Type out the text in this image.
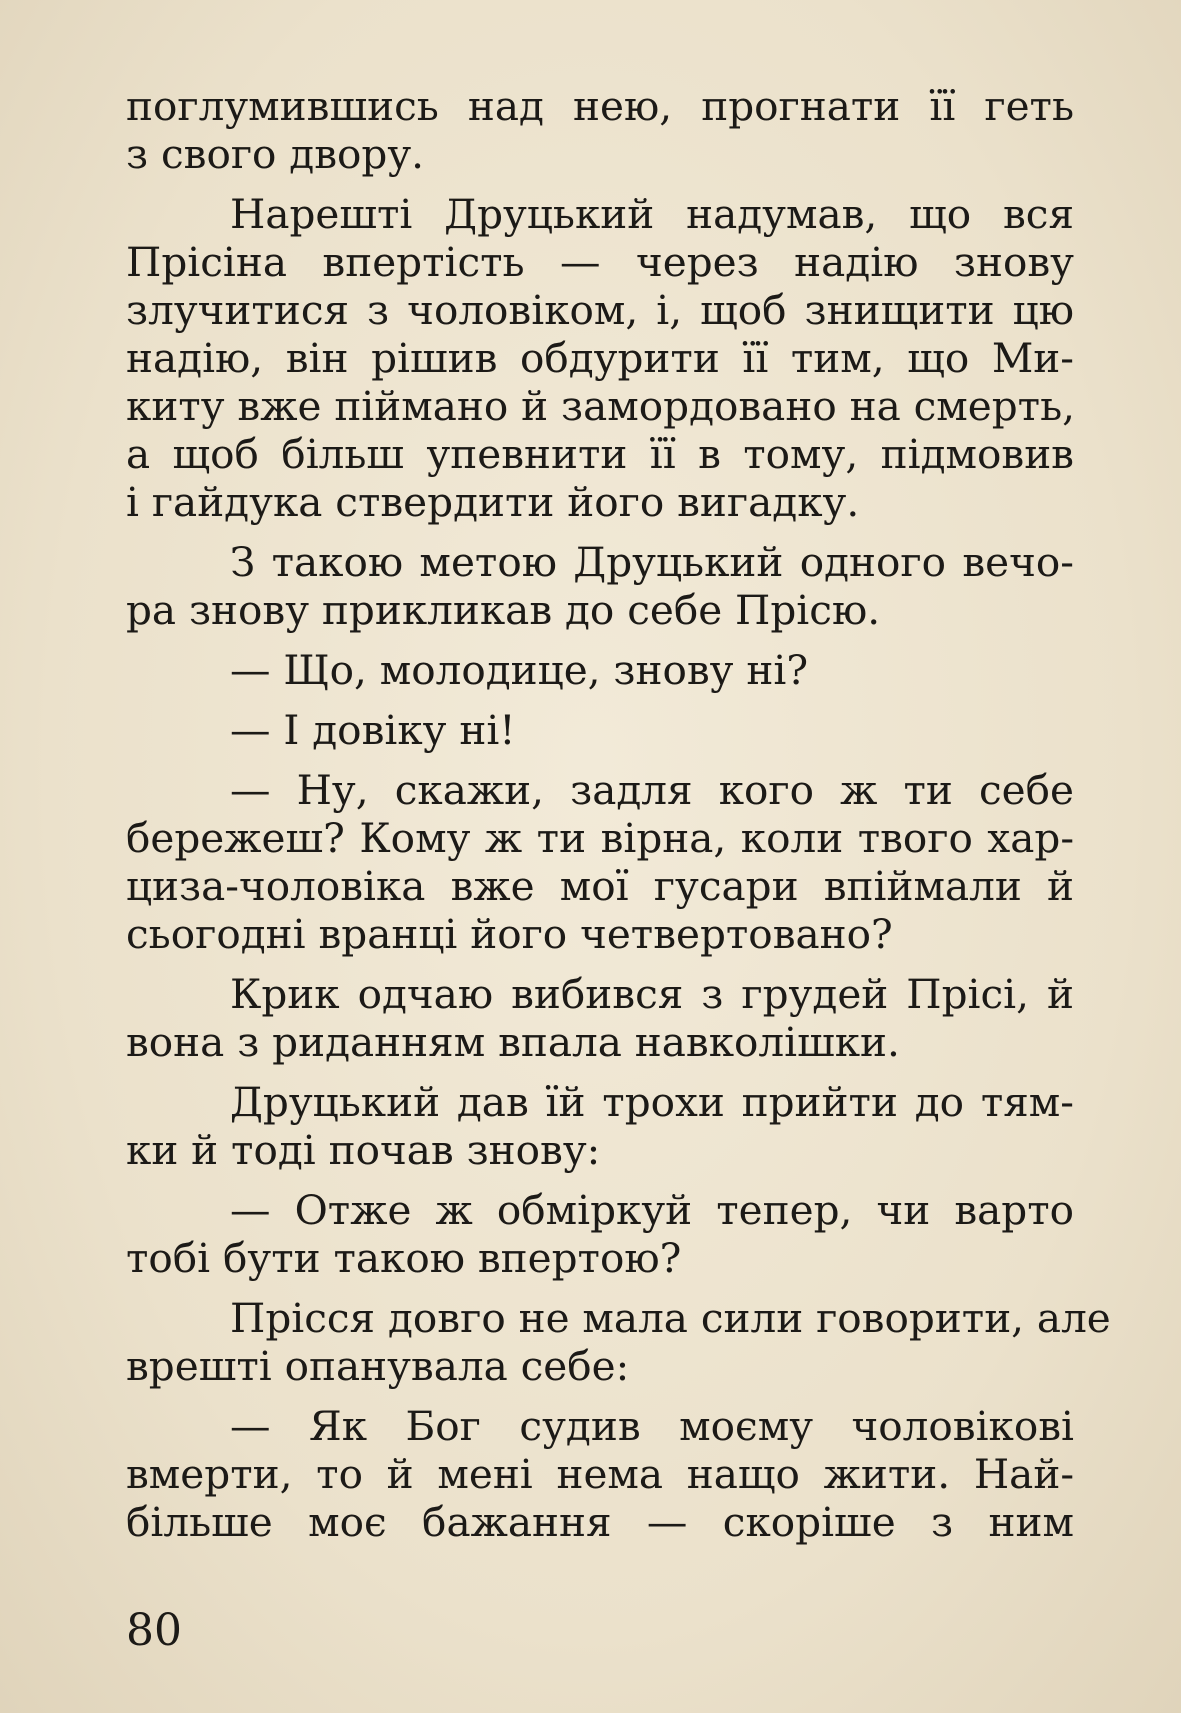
поглумившись над нею, прогнати її геть
з свого двору.
Нарешті Друцький надумав, що вся
Прісіна впертість — через надію знову
злучитися з чоловіком, і, щоб знищити цю
надію, він рішив обдурити її тим, що Ми-
киту вже піймано й замордовано на смерть,
а щоб більш упевнити її в тому, підмовив
і гайдука ствердити його вигадку.
З такою метою Друцький одного вечо-
ра знову прикликав до себе Прісю.
— Що, молодице, знову ні?
— І довіку ні!
— Ну, скажи, задля кого ж ти себе
бережеш? Кому ж ти вірна, коли твого хар-
циза-чоловіка вже мої гусари впіймали й
сьогодні вранці його четвертовано?
Крик одчаю вибився з грудей Прісі, й
вона з риданням впала навколішки.
Друцький дав їй трохи прийти до тям-
ки й тоді почав знову:
— Отже ж обміркуй тепер, чи варто
тобі бути такою впертою?
Прісся довго не мала сили говорити, але
врешті опанувала себе:
— Як Бог судив моєму чоловікові
вмерти, то й мені нема нащо жити. Най-
більше моє бажання — скоріше з ним
80
